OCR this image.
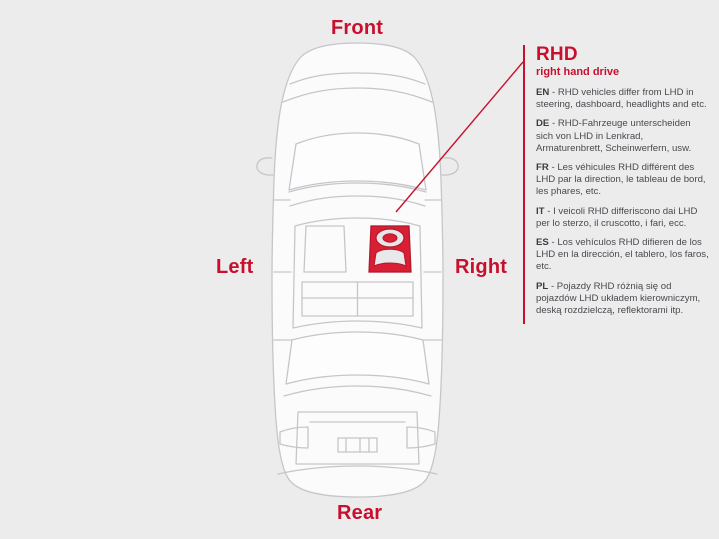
Front
Rear
Left	Right
RHD
right hand drive
EN - RHD vehicles differ from LHD in steering, dashboard, headlights and etc.
DE - RHD-Fahrzeuge unterscheiden sich von LHD in Lenkrad, Armaturenbrett, Scheinwerfern, usw.
FR - Les véhicules RHD différent des LHD par la direction, le tableau de bord, les phares, etc.
IT - I veicoli RHD differiscono dai LHD per lo sterzo, il cruscotto, i fari, ecc.
ES - Los vehículos RHD difieren de los LHD en la dirección, el tablero, los faros, etc.
PL - Pojazdy RHD różnią się od pojazdów LHD układem kierowniczym, deską rozdzielczą, reflektorami itp.
